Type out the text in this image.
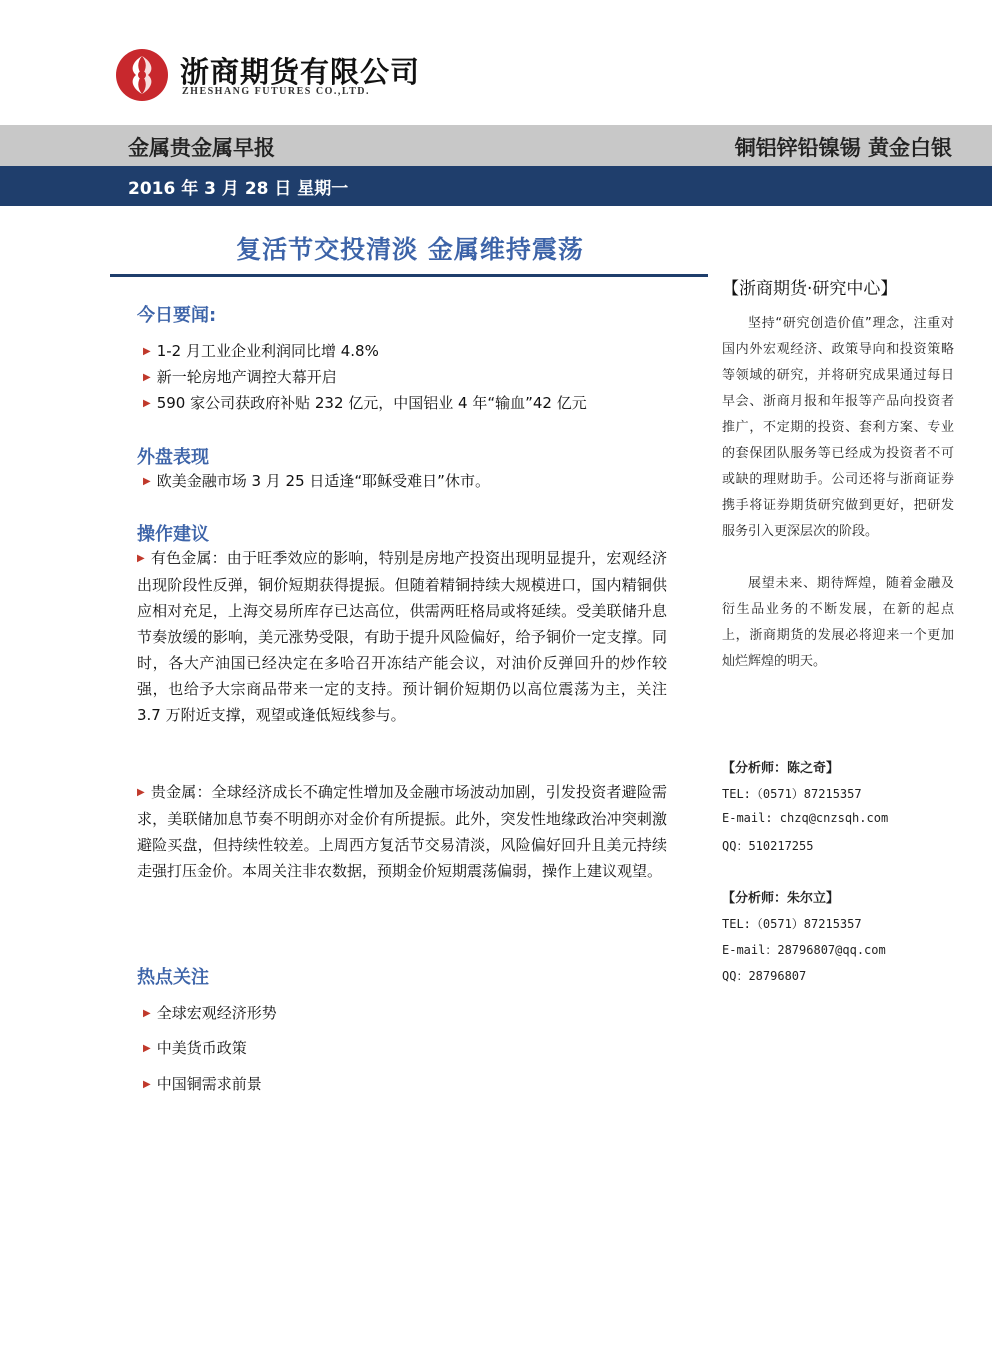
浙商期货有限公司
ZHESHANG FUTURES CO.,LTD.
金属贵金属早报	铜铝锌铅镍锡 黄金白银
2016 年 3 月 28 日 星期一
复活节交投清淡 金属维持震荡
今日要闻:
▶ 1-2 月工业企业利润同比增 4.8%
▶ 新一轮房地产调控大幕开启
▶ 590 家公司获政府补贴 232 亿元，中国铝业 4 年“输血”42 亿元
外盘表现
▶ 欧美金融市场 3 月 25 日适逢“耶稣受难日”休市。
操作建议
▶ 有色金属：由于旺季效应的影响，特别是房地产投资出现明显提升，宏观经济出现阶段性反弹，铜价短期获得提振。但随着精铜持续大规模进口，国内精铜供应相对充足，上海交易所库存已达高位，供需两旺格局或将延续。受美联储升息节奏放缓的影响，美元涨势受限，有助于提升风险偏好，给予铜价一定支撑。同时，各大产油国已经决定在多哈召开冻结产能会议，对油价反弹回升的炒作较强，也给予大宗商品带来一定的支持。预计铜价短期仍以高位震荡为主，关注 3.7 万附近支撑，观望或逢低短线参与。
▶ 贵金属：全球经济成长不确定性增加及金融市场波动加剧，引发投资者避险需求，美联储加息节奏不明朗亦对金价有所提振。此外，突发性地缘政治冲突刺激避险买盘，但持续性较差。上周西方复活节交易清淡，风险偏好回升且美元持续走强打压金价。本周关注非农数据，预期金价短期震荡偏弱，操作上建议观望。
热点关注
▶ 全球宏观经济形势
▶ 中美货币政策
▶ 中国铜需求前景
【浙商期货·研究中心】
坚持“研究创造价值”理念，注重对国内外宏观经济、政策导向和投资策略等领域的研究，并将研究成果通过每日早会、浙商月报和年报等产品向投资者推广，不定期的投资、套利方案、专业的套保团队服务等已经成为投资者不可或缺的理财助手。公司还将与浙商证券携手将证券期货研究做到更好，把研发服务引入更深层次的阶段。
展望未来、期待辉煌，随着金融及衍生品业务的不断发展，在新的起点上，浙商期货的发展必将迎来一个更加灿烂辉煌的明天。
【分析师：陈之奇】
TEL:（0571）87215357
E-mail: chzq@cnzsqh.com
QQ：510217255
【分析师：朱尔立】
TEL:（0571）87215357
E-mail：28796807@qq.com
QQ：28796807
